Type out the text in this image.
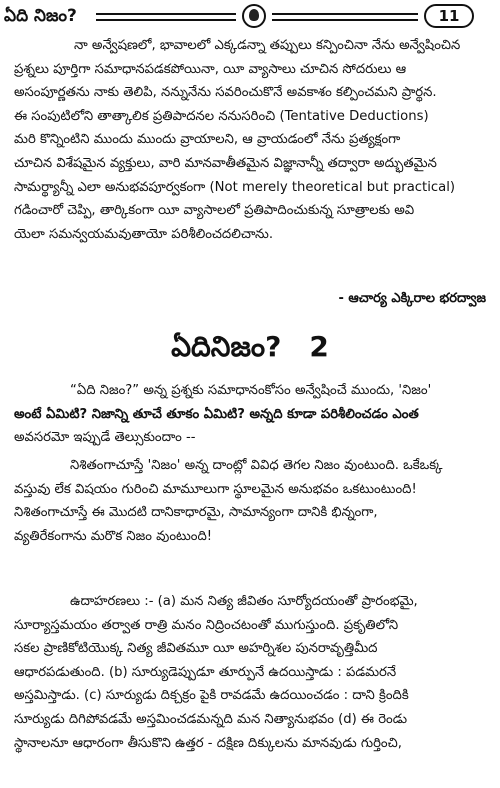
ఏది నిజం?	11

నా అన్వేషణలో, భావాలలో ఎక్కడన్నా తప్పులు కన్పించినా నేను అన్వేషించిన

ప్రశ్నలు పూర్తిగా సమాధానపడకపోయినా, యీ వ్యాసాలు చూచిన సోదరులు ఆ

అసంపూర్ణతను నాకు తెలిపి, నన్నునేను సవరించుకొనే అవకాశం కల్పించమని ప్రార్థన.

ఈ సంపుటిలోని తాత్కాలిక ప్రతిపాదనల ననుసరించి (Tentative Deductions)

మరి కొన్నింటిని ముందు ముందు వ్రాయాలని, ఆ వ్రాయడంలో నేను ప్రత్యక్షంగా

చూచిన విశేషమైన వ్యక్తులు, వారి మానవాతీతమైన విజ్ఞానాన్నీ తద్వారా అద్భుతమైన

సామర్థ్యాన్నీ ఎలా అనుభవపూర్వకంగా (Not merely theoretical but practical)

గడించారో చెప్పి, తార్కికంగా యీ వ్యాసాలలో ప్రతిపాదించుకున్న సూత్రాలకు అవి

యెలా సమన్వయమవుతాయో పరిశీలించదలిచాను.

- ఆచార్య ఎక్కిరాల భరద్వాజ
ఏదినిజం? 2

“ఏది నిజం?” అన్న ప్రశ్నకు సమాధానంకోసం అన్వేషించే ముందు, 'నిజం'

అంటే ఏమిటి? నిజాన్ని తూచే తూకం ఏమిటి? అన్నది కూడా పరిశీలించడం ఎంత

అవసరమో ఇప్పుడే తెల్సుకుందాం --

నిశితంగాచూస్తే 'నిజం' అన్న దాంట్లో వివిధ తెగల నిజం వుంటుంది. ఒకేఒక్క

వస్తువు లేక విషయం గురించి మామూలుగా స్థూలమైన అనుభవం ఒకటుంటుంది!

నిశితంగాచూస్తే ఈ మొదటి దానికాధారమై, సామాన్యంగా దానికి భిన్నంగా,

వ్యతిరేకంగాను మరొక నిజం వుంటుంది!

ఉదాహరణలు :- (a) మన నిత్య జీవితం సూర్యోదయంతో ప్రారంభమై,

సూర్యాస్తమయం తర్వాత రాత్రి మనం నిద్రించటంతో ముగుస్తుంది. ప్రకృతిలోని

సకల ప్రాణికోటియొక్క నిత్య జీవితమూ యీ అహర్నిశల పునరావృత్తిమీద

ఆధారపడుతుంది. (b) సూర్యుడెప్పుడూ తూర్పునే ఉదయిస్తాడు : పడమరనే

అస్తమిస్తాడు. (c) సూర్యుడు దిక్చక్రం పైకి రావడమే ఉదయించడం : దాని క్రిందికి

సూర్యుడు దిగిపోవడమే అస్తమించడమన్నది మన నిత్యానుభవం (d) ఈ రెండు

స్థానాలనూ ఆధారంగా తీసుకొని ఉత్తర - దక్షిణ దిక్కులను మానవుడు గుర్తించి,
